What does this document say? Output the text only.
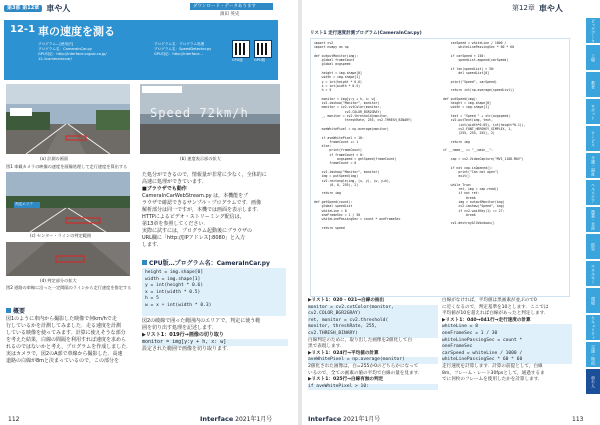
第3部 第12章 車や人	ダウンロード・データあります
濱田 英史
12-1 車の速度を測る
プログラム…[使用法]
プログラム名：CameraInCar.py
GPU対応：http://interface.cqpub.co.jp/
12-1camerainccar/
プログラム名：プログラム処理
プログラム名：SpeedDetector.py
GPU対応：http://interface...
CPU版	GPU版
(a) 計測の画面
Speed 72km/h
(b) 速度表示部の拡大
図1 車載カメラの映像の速度を画像処理して走行速度を算出する
判定エリア
(c) センター・ラインの判定範囲
(d) 判定部分の拡大
図2 道路の車線に沿った一定間隔のラインから走行速度を推定する
概要

図1のように車内から撮影した映像で何km/hで走

行しているかを計測してみました．走る速度を計測

している映像を使ってみます．計算に使えそうな部分

を考えた結果，白線の間隔を利用すれば速度を求めら

れるのではないかと考え，プログラムを作成しました．

実はカメラで，図2のA部で車線から撮影した．高速

道路の白線が8mと決まっているので，この部分を

た処分ができるので，情報量が非常に少なく，全体的に

高速に処理ができています．

■ブラウザでも動作

CameraInCarWebStream.py は，本機能をブ

ラウザで確認できるサンプル・プログラムです．画像

解析部分は同一ですが，本機では画面を表示します．

HTTPによるビデオ・ストリーミング配信は，

第13章を参照してください．

実際に試すには，プログラム起動後にブラウザの

URL欄に「http://[IPアドレス]:8080」と入力

します．

CPU版…プログラム名：CameraInCar.py
height = img.shape[0]
width = img.shape[1]
y = int(height * 0.6)
x = int(width * 0.5)
h = 5
w = x + int(width * 0.3)

図2の破線で囲った範囲内のエリアで，判定に使う範

囲を切り出す処理を記述します．

▶リスト1：019行→画像の切り取り

monitor = img[y:y + h, x: w]

設定された範囲で画像を切り取ります．

112	Interface 2021年1月号
第12章 車や人
リスト1 走行速度計測プログラム(CameraInCar.py)
import cv2
import numpy as np
def outputMonitor(img):
global frameCount
global avgspeed
height = img.shape[0]
width = img.shape[1]
y = int(height * 0.6)
x = int(width * 0.5)
h = 5
monitor = img[y:y + h, x: w]
cv2.imshow("Monitor", monitor)
monitor = cv2.cvtColor(monitor,
cv2.COLOR_BGR2GRAY)
_, monitor = cv2.threshold(monitor,
threshRate, 255, cv2.THRESH_BINARY)
aveWhitePixel = np.average(monitor)
if aveWhitePixel > 10:
frameCount += 1
else:
print(frameCount)
if frameCount > 0:
avgspeed = getSpeed(frameCount)
frameCount = 0
cv2.imshow("Monitor", monitor)
img = putSpeed(img)
cv2.rectangle(img, (x, y), (w, y+h),
(0, 0, 255), 2)
return img
def getSpeed(count):
global speedList
whiteLine = 8
oneFrameSec = 1 / 30
whiteLinePassingSec = count * oneFrameSec
return speed
carSpeed = whiteLine / 1000 /
whiteLinePassingSec * 60 * 60
if carSpeed < 150:
speedList.append(carSpeed)
if len(speedList) > 30:
del speedList[0]
print("Speed", carSpeed)
return int(np.average(speedList))
def putSpeed(img):
height = img.shape[0]
width = img.shape[1]
text = "Speed " + str(avgspeed)
cv2.putText(img, text,
(int(width*0.05), int(height*0.1)),
cv2.FONT_HERSHEY_SIMPLEX, 1,
(255, 255, 255), 2)
return img
if __name__ == "__main__":
cap = cv2.VideoCapture("MVI_1188.MOV")
if not cap.isOpened():
print("Can not open")
exit()
while True:
ret, img = cap.read()
if not ret:
break
img = outputMonitor(img)
cv2.imshow("Speed", img)
if cv2.waitKey(1) == 27:
break
cv2.destroyAllWindows()

▶リスト1：020 - 021→白線の抽出

monitor = cv2.cvtColor(monitor,

cv2.COLOR_BGR2GRAY)

ret, monitor = cv2.threshold(

monitor, threshRate, 255,

cv2.THRESH_BINARY)

白線判定のために，取り出した画像を2値化して白

黒で表現します．

▶リスト1：024行→平均値の計算

aveWhitePixel = np.average(monitor)

2値化された画像は，白=255か0のどちらかになって

いるので，全ての画素の値の平均で白線の量を見ます．

▶リスト1：025行→白線有無の判定

if aveWhitePixel > 10:

白線がなければ，平均値は黒画素が並ぶので0

に近くなるので，判定基準を10とします．ここでは

平均値が10を超えれば白線があったと判定します．

▶リスト1：040→041行→走行速度の計算

whiteLine = 8

oneFrameSec = 1 / 30

whiteLinePassingSec = count *

oneFrameSec

carSpeed = whiteLine / 1000 /

whiteLinePassingSec * 60 * 60

走行速度を計算します．計算の前提として，白線

8m，フレーム・レート30fpsとして，通過するま

でに何枚のフレームを使用したかを計算します．

ビッグデータ
工場
教育
ロボット
サービス
介護・福祉
ヘルスケア
農業・水産
防災
エネルギー
環境
セキュリティ
交通・物流
車や人
Interface 2021年1月号	113
